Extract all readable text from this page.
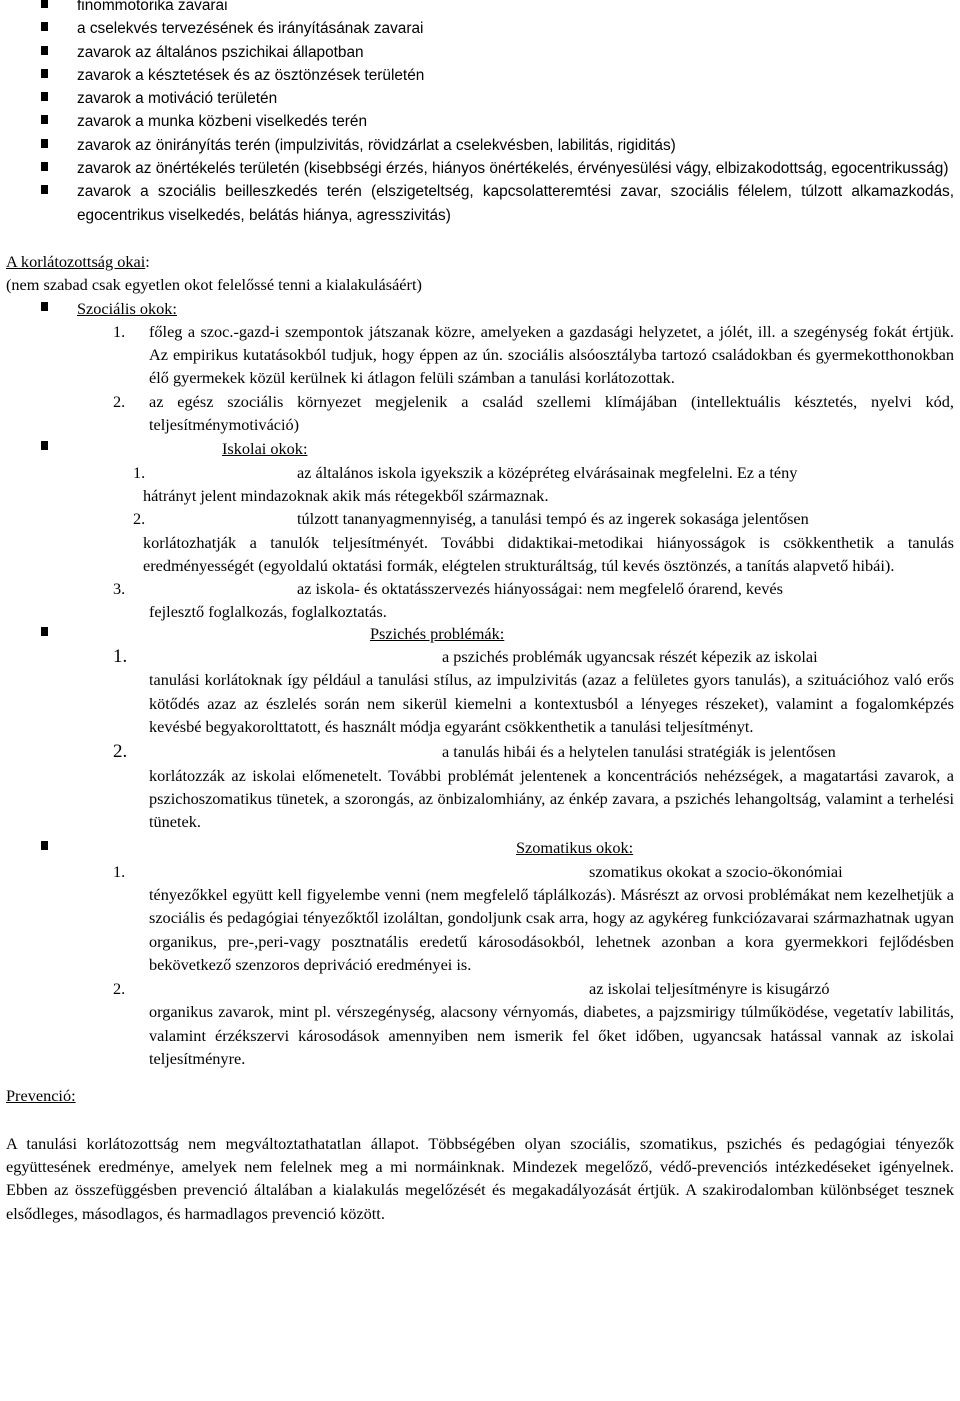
finommotorika zavarai
a cselekvés tervezésének és irányításának zavarai
zavarok az általános pszichikai állapotban
zavarok a késztetések és az ösztönzések területén
zavarok a motiváció területén
zavarok a munka közbeni viselkedés terén
zavarok az önirányítás terén (impulzivitás, rövidzárlat a cselekvésben, labilitás, rigiditás)
zavarok az önértékelés területén (kisebbségi érzés, hiányos önértékelés, érvényesülési vágy, elbizakodottság, egocentrikusság)
zavarok a szociális beilleszkedés terén (elszigeteltség, kapcsolatteremtési zavar, szociális félelem, túlzott alkamazkodás, egocentrikus viselkedés, belátás hiánya, agresszivitás)

A korlátozottság okai:

(nem szabad csak egyetlen okot felelőssé tenni a kialakulásáért)

Szociális okok:
1. főleg a szoc.-gazd-i szempontok játszanak közre, amelyeken a gazdasági helyzetet, a jólét, ill. a szegénység fokát értjük. Az empirikus kutatásokból tudjuk, hogy éppen az ún. szociális alsóosztályba tartozó családokban és gyermekotthonokban élő gyermekek közül kerülnek ki átlagon felüli számban a tanulási korlátozottak.
2. az egész szociális környezet megjelenik a család szellemi klímájában (intellektuális késztetés, nyelvi kód, teljesítménymotiváció)
Iskolai okok:
1.	az általános iskola igyekszik a középréteg elvárásainak megfelelni. Ez a tény
hátrányt jelent mindazoknak akik más rétegekből származnak.
2.	túlzott tananyagmennyiség, a tanulási tempó és az ingerek sokasága jelentősen
korlátozhatják a tanulók teljesítményét. További didaktikai-metodikai hiányosságok is csökkenthetik a tanulás eredményességét (egyoldalú oktatási formák, elégtelen strukturáltság, túl kevés ösztönzés, a tanítás alapvető hibái).
3.	az iskola- és oktatásszervezés hiányosságai: nem megfelelő órarend, kevés
fejlesztő foglalkozás, foglalkoztatás.
Pszichés problémák:
1.	a pszichés problémák ugyancsak részét képezik az iskolai
tanulási korlátoknak így például a tanulási stílus, az impulzivitás (azaz a felületes gyors tanulás), a szituációhoz való erős kötődés azaz az észlelés során nem sikerül kiemelni a kontextusból a lényeges részeket), valamint a fogalomképzés kevésbé begyakorolttatott, és használt módja egyaránt csökkenthetik a tanulási teljesítményt.
2.	a tanulás hibái és a helytelen tanulási stratégiák is jelentősen
korlátozzák az iskolai előmenetelt. További problémát jelentenek a koncentrációs nehézségek, a magatartási zavarok, a pszichoszomatikus tünetek, a szorongás, az önbizalomhiány, az énkép zavara, a pszichés lehangoltság, valamint a terhelési tünetek.
Szomatikus okok:
1.	szomatikus okokat a szocio-ökonómiai
tényezőkkel együtt kell figyelembe venni (nem megfelelő táplálkozás). Másrészt az orvosi problémákat nem kezelhetjük a szociális és pedagógiai tényezőktől izoláltan, gondoljunk csak arra, hogy az agykéreg funkciózavarai származhatnak ugyan organikus, pre-,peri-vagy posztnatális eredetű károsodásokból, lehetnek azonban a kora gyermekkori fejlődésben bekövetkező szenzoros depriváció eredményei is.
2.	az iskolai teljesítményre is kisugárzó
organikus zavarok, mint pl. vérszegénység, alacsony vérnyomás, diabetes, a pajzsmirigy túlműködése, vegetatív labilitás, valamint érzékszervi károsodások amennyiben nem ismerik fel őket időben, ugyancsak hatással vannak az iskolai teljesítményre.

Prevenció:

A tanulási korlátozottság nem megváltoztathatatlan állapot. Többségében olyan szociális, szomatikus, pszichés és pedagógiai tényezők együttesének eredménye, amelyek nem felelnek meg a mi normáinknak. Mindezek megelőző, védő-prevenciós intézkedéseket igényelnek. Ebben az összefüggésben prevenció általában a kialakulás megelőzését és megakadályozását értjük. A szakirodalomban különbséget tesznek elsődleges, másodlagos, és harmadlagos prevenció között.
